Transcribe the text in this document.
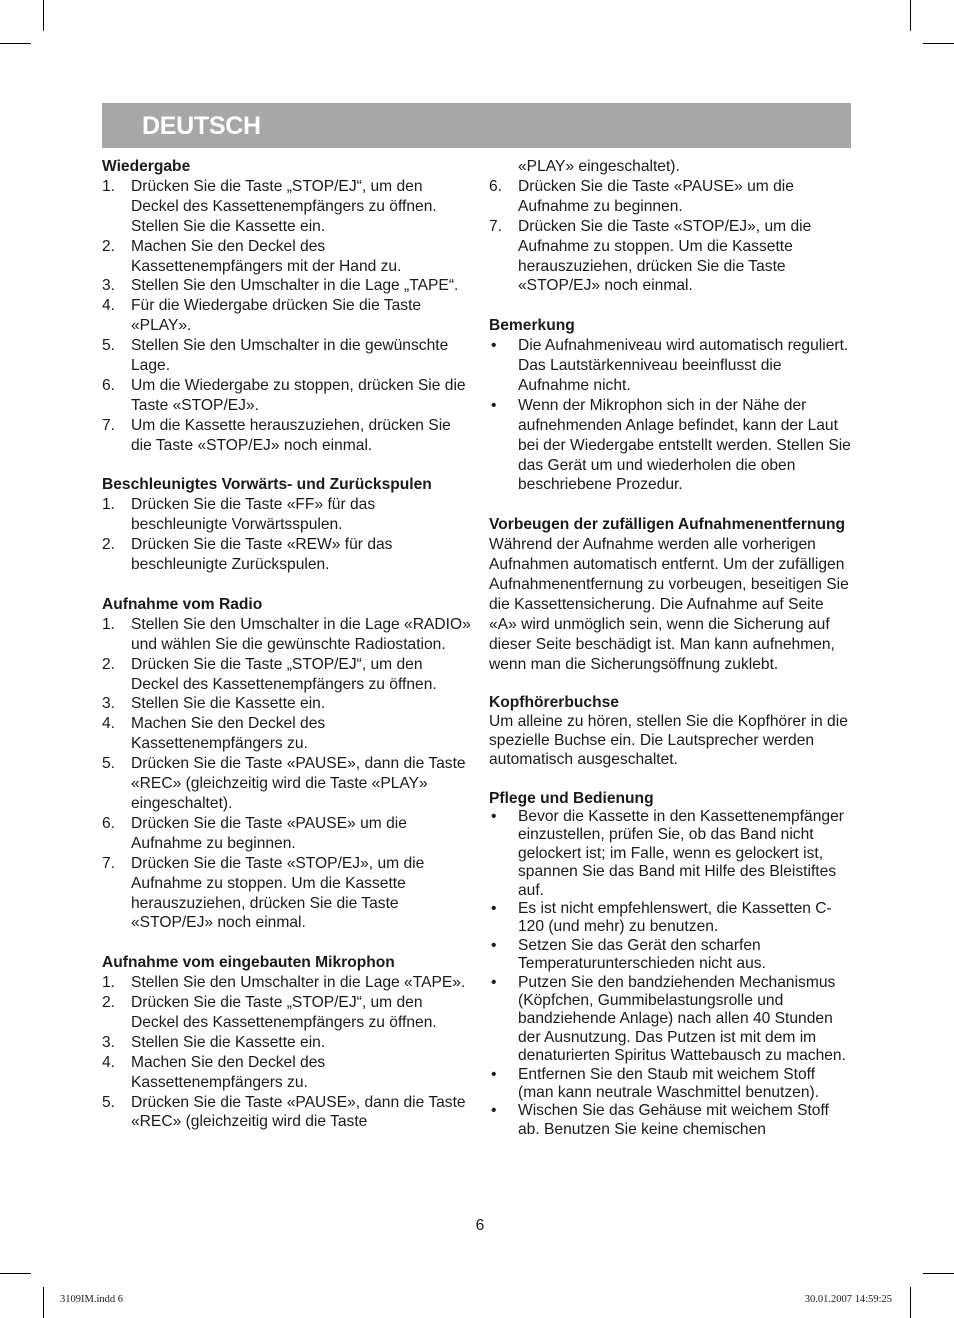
DEUTSCH

Wiedergabe

1. Drücken Sie die Taste „STOP/EJ“, um den Deckel des Kassettenempfängers zu öffnen. Stellen Sie die Kassette ein.
2. Machen Sie den Deckel des Kassettenempfängers mit der Hand zu.
3. Stellen Sie den Umschalter in die Lage „TAPE“.
4. Für die Wiedergabe drücken Sie die Taste «PLAY».
5. Stellen Sie den Umschalter in die gewünschte Lage.
6. Um die Wiedergabe zu stoppen, drücken Sie die Taste «STOP/EJ».
7. Um die Kassette herauszuziehen, drücken Sie die Taste «STOP/EJ» noch einmal.

Beschleunigtes Vorwärts- und Zurückspulen

1. Drücken Sie die Taste «FF» für das beschleunigte Vorwärtsspulen.
2. Drücken Sie die Taste «REW» für das beschleunigte Zurückspulen.

Aufnahme vom Radio

1. Stellen Sie den Umschalter in die Lage «RADIO» und wählen Sie die gewünschte Radiostation.
2. Drücken Sie die Taste „STOP/EJ“, um den Deckel des Kassettenempfängers zu öffnen.
3. Stellen Sie die Kassette ein.
4. Machen Sie den Deckel des Kassettenempfängers zu.
5. Drücken Sie die Taste «PAUSE», dann die Taste «REC» (gleichzeitig wird die Taste «PLAY» eingeschaltet).
6. Drücken Sie die Taste «PAUSE» um die Aufnahme zu beginnen.
7. Drücken Sie die Taste «STOP/EJ», um die Aufnahme zu stoppen. Um die Kassette herauszuziehen, drücken Sie die Taste «STOP/EJ» noch einmal.

Aufnahme vom eingebauten Mikrophon

1. Stellen Sie den Umschalter in die Lage «TAPE».
2. Drücken Sie die Taste „STOP/EJ“, um den Deckel des Kassettenempfängers zu öffnen.
3. Stellen Sie die Kassette ein.
4. Machen Sie den Deckel des Kassettenempfängers zu.
5. Drücken Sie die Taste «PAUSE», dann die Taste «REC» (gleichzeitig wird die Taste

«PLAY» eingeschaltet).

6. Drücken Sie die Taste «PAUSE» um die Aufnahme zu beginnen.
7. Drücken Sie die Taste «STOP/EJ», um die Aufnahme zu stoppen. Um die Kassette herauszuziehen, drücken Sie die Taste «STOP/EJ» noch einmal.

Bemerkung

• Die Aufnahmeniveau wird automatisch reguliert. Das Lautstärkenniveau beeinflusst die Aufnahme nicht.
• Wenn der Mikrophon sich in der Nähe der aufnehmenden Anlage befindet, kann der Laut bei der Wiedergabe entstellt werden. Stellen Sie das Gerät um und wiederholen die oben beschriebene Prozedur.

Vorbeugen der zufälligen Aufnahmenentfernung

Während der Aufnahme werden alle vorherigen Aufnahmen automatisch entfernt. Um der zufälligen Aufnahmenentfernung zu vorbeugen, beseitigen Sie die Kassettensicherung. Die Aufnahme auf Seite «A» wird unmöglich sein, wenn die Sicherung auf dieser Seite beschädigt ist. Man kann aufnehmen, wenn man die Sicherungsöffnung zuklebt.

Kopfhörerbuchse

Um alleine zu hören, stellen Sie die Kopfhörer in die spezielle Buchse ein. Die Lautsprecher werden automatisch ausgeschaltet.

Pflege und Bedienung

• Bevor die Kassette in den Kassettenempfänger einzustellen, prüfen Sie, ob das Band nicht gelockert ist; im Falle, wenn es gelockert ist, spannen Sie das Band mit Hilfe des Bleistiftes auf.
• Es ist nicht empfehlenswert, die Kassetten C-120 (und mehr) zu benutzen.
• Setzen Sie das Gerät den scharfen Temperaturunterschieden nicht aus.
• Putzen Sie den bandziehenden Mechanismus (Köpfchen, Gummibelastungsrolle und bandziehende Anlage) nach allen 40 Stunden der Ausnutzung. Das Putzen ist mit dem im denaturierten Spiritus Wattebausch zu machen.
• Entfernen Sie den Staub mit weichem Stoff (man kann neutrale Waschmittel benutzen).
• Wischen Sie das Gehäuse mit weichem Stoff ab. Benutzen Sie keine chemischen
6
3109IM.indd 6	30.01.2007 14:59:25
